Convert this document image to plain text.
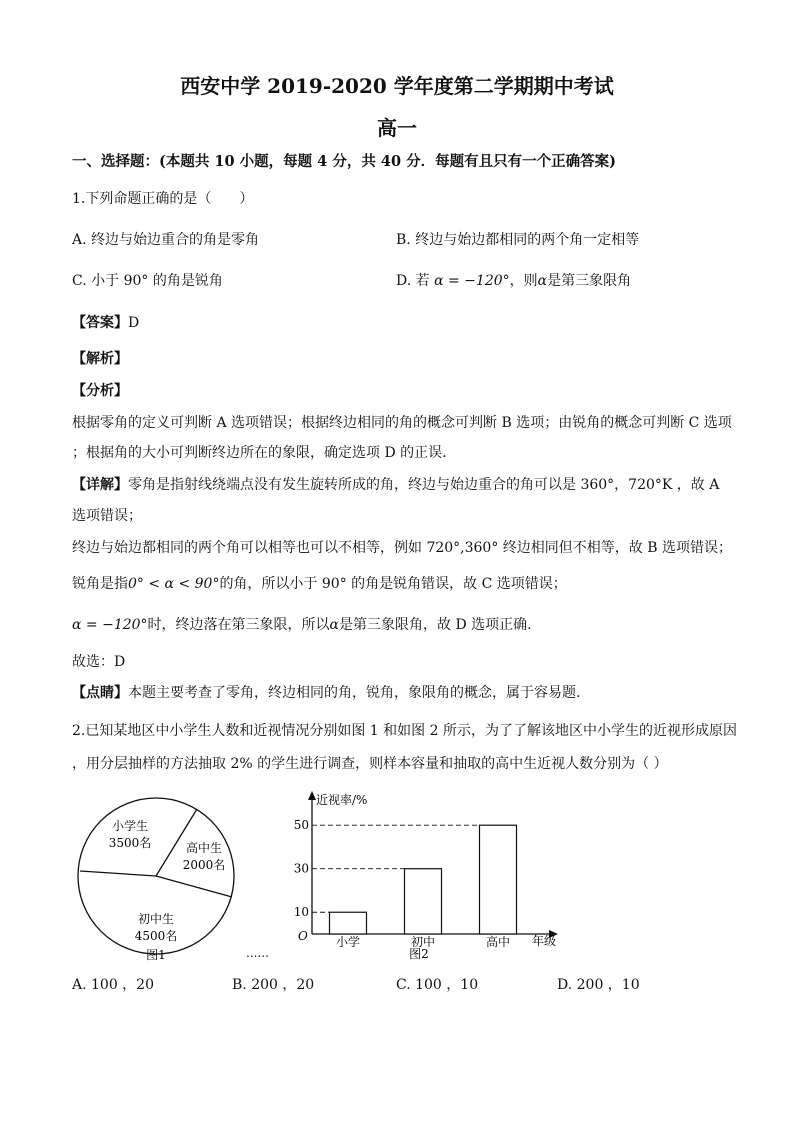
西安中学 2019-2020 学年度第二学期期中考试
高一
一、选择题：(本题共 10 小题，每题 4 分，共 40 分．每题有且只有一个正确答案)
1.下列命题正确的是（　　）
A. 终边与始边重合的角是零角	B. 终边与始边都相同的两个角一定相等
C. 小于 90° 的角是锐角	D. 若 α = −120°，则α是第三象限角
【答案】D
【解析】
【分析】
根据零角的定义可判断 A 选项错误；根据终边相同的角的概念可判断 B 选项；由锐角的概念可判断 C 选项
；根据角的大小可判断终边所在的象限，确定选项 D 的正误.
【详解】零角是指射线绕端点没有发生旋转所成的角，终边与始边重合的角可以是 360°，720°K ，故 A
选项错误；
终边与始边都相同的两个角可以相等也可以不相等，例如 720°,360° 终边相同但不相等，故 B 选项错误；
锐角是指0° < α < 90°的角，所以小于 90° 的角是锐角错误，故 C 选项错误；
α = −120°时，终边落在第三象限，所以α是第三象限角，故 D 选项正确.
故选：D
【点睛】本题主要考查了零角，终边相同的角，锐角，象限角的概念，属于容易题.
2.已知某地区中小学生人数和近视情况分别如图 1 和如图 2 所示，为了了解该地区中小学生的近视形成原因
，用分层抽样的方法抽取 2% 的学生进行调查，则样本容量和抽取的高中生近视人数分别为（ ）
小学生
3500名	高中生
2000名
初中生
4500名
图1	......
近视率/%
年级
O
10
30
50
小学	初中	高中
图2
A. 100 ，20	B. 200 ，20	C. 100 ，10	D. 200 ，10
